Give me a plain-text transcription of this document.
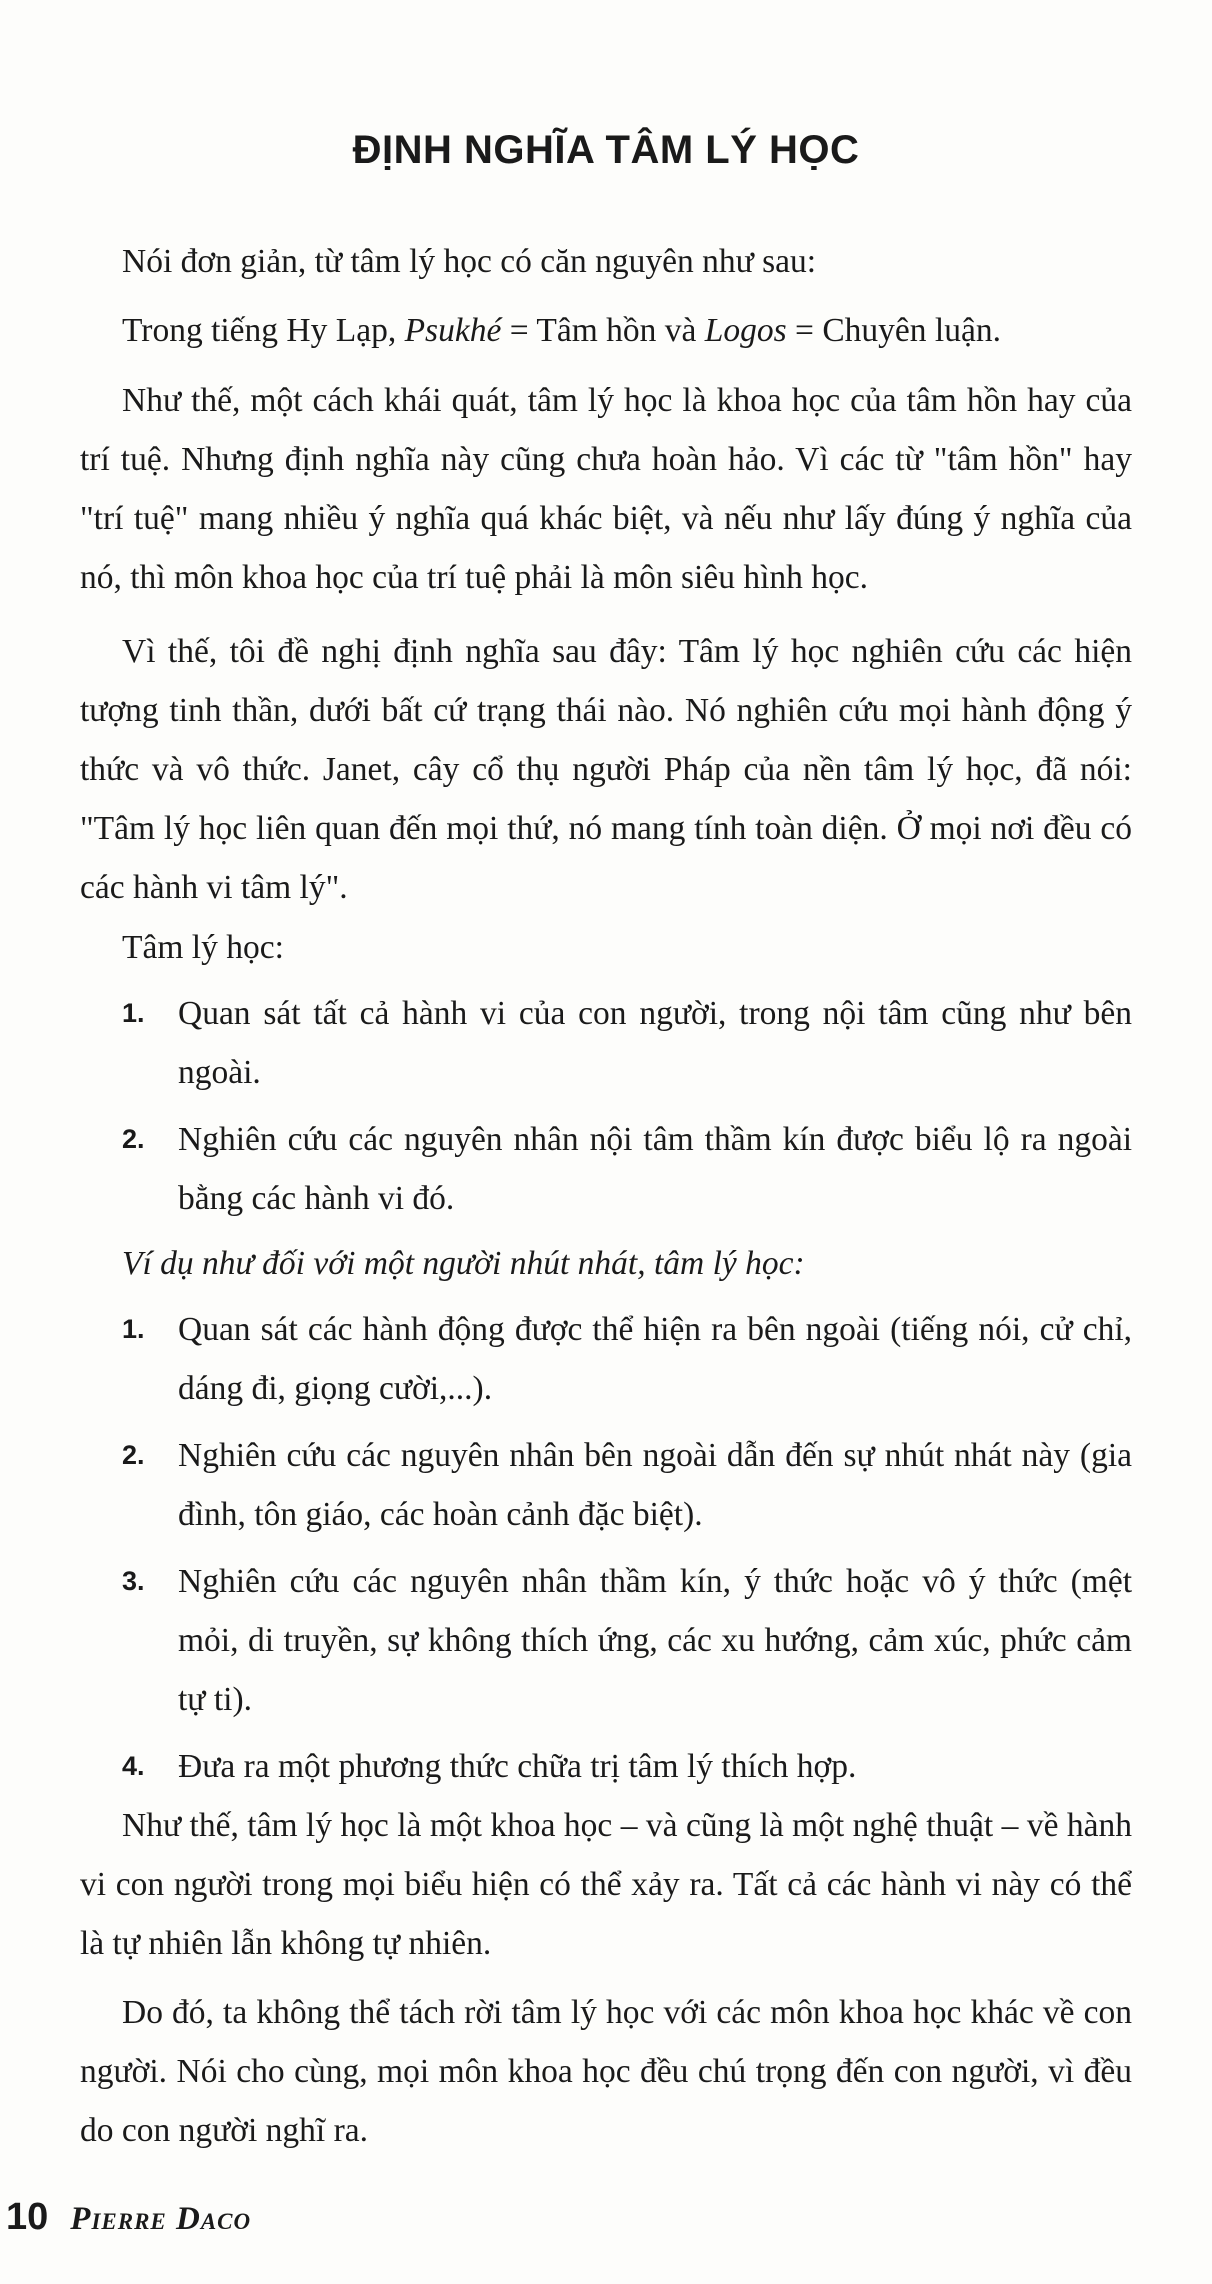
ĐỊNH NGHĨA TÂM LÝ HỌC

Nói đơn giản, từ tâm lý học có căn nguyên như sau:

Trong tiếng Hy Lạp, Psukhé = Tâm hồn và Logos = Chuyên luận.

Như thế, một cách khái quát, tâm lý học là khoa học của tâm hồn hay của trí tuệ. Nhưng định nghĩa này cũng chưa hoàn hảo. Vì các từ "tâm hồn" hay "trí tuệ" mang nhiều ý nghĩa quá khác biệt, và nếu như lấy đúng ý nghĩa của nó, thì môn khoa học của trí tuệ phải là môn siêu hình học.

Vì thế, tôi đề nghị định nghĩa sau đây: Tâm lý học nghiên cứu các hiện tượng tinh thần, dưới bất cứ trạng thái nào. Nó nghiên cứu mọi hành động ý thức và vô thức. Janet, cây cổ thụ người Pháp của nền tâm lý học, đã nói: "Tâm lý học liên quan đến mọi thứ, nó mang tính toàn diện. Ở mọi nơi đều có các hành vi tâm lý".

Tâm lý học:

1. Quan sát tất cả hành vi của con người, trong nội tâm cũng như bên ngoài.
2. Nghiên cứu các nguyên nhân nội tâm thầm kín được biểu lộ ra ngoài bằng các hành vi đó.

Ví dụ như đối với một người nhút nhát, tâm lý học:

1. Quan sát các hành động được thể hiện ra bên ngoài (tiếng nói, cử chỉ, dáng đi, giọng cười,...).
2. Nghiên cứu các nguyên nhân bên ngoài dẫn đến sự nhút nhát này (gia đình, tôn giáo, các hoàn cảnh đặc biệt).
3. Nghiên cứu các nguyên nhân thầm kín, ý thức hoặc vô ý thức (mệt mỏi, di truyền, sự không thích ứng, các xu hướng, cảm xúc, phức cảm tự ti).
4. Đưa ra một phương thức chữa trị tâm lý thích hợp.

Như thế, tâm lý học là một khoa học – và cũng là một nghệ thuật – về hành vi con người trong mọi biểu hiện có thể xảy ra. Tất cả các hành vi này có thể là tự nhiên lẫn không tự nhiên.

Do đó, ta không thể tách rời tâm lý học với các môn khoa học khác về con người. Nói cho cùng, mọi môn khoa học đều chú trọng đến con người, vì đều do con người nghĩ ra.

10 Pierre Daco
